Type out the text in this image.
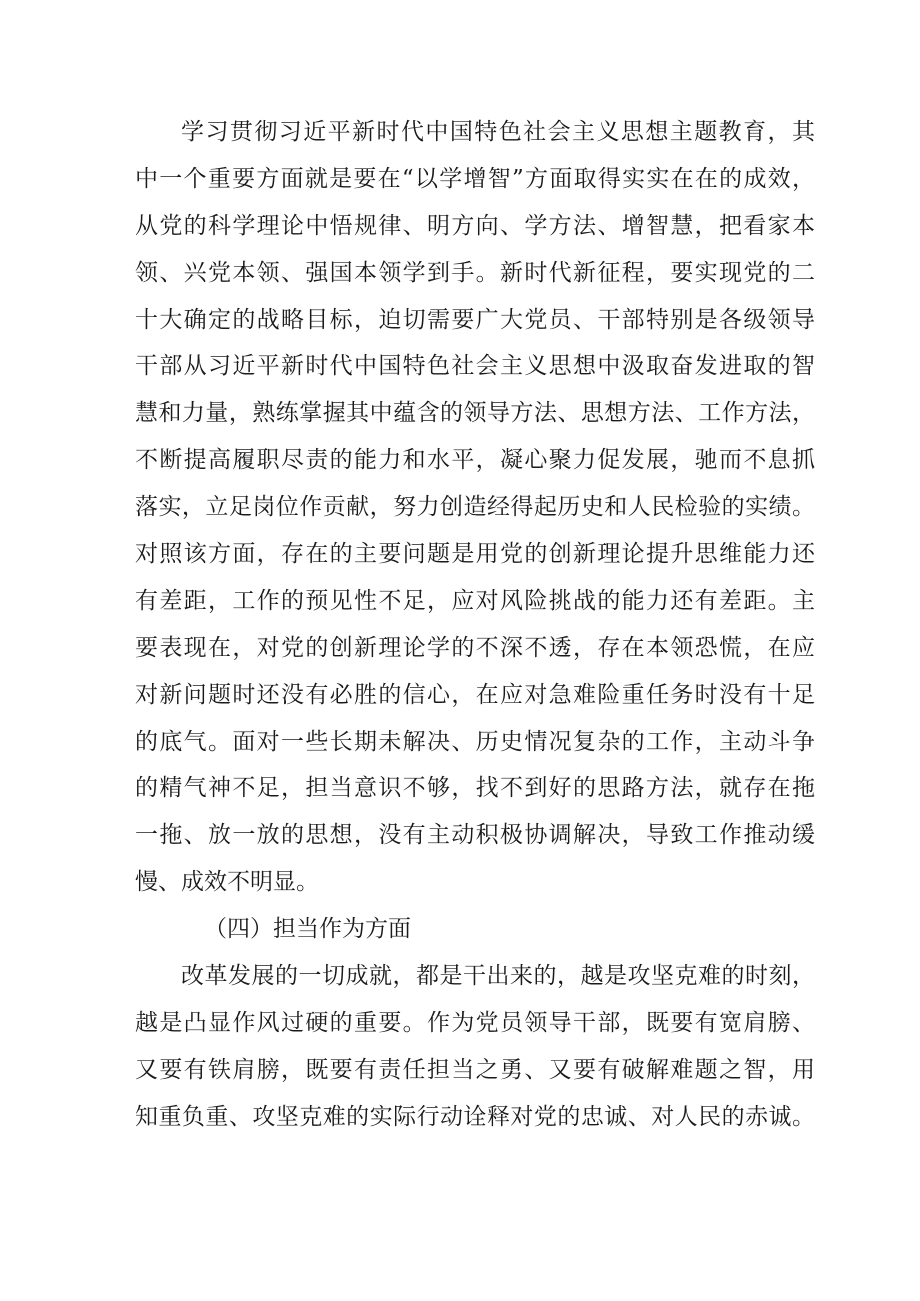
学习贯彻习近平新时代中国特色社会主义思想主题教育，其
中一个重要方面就是要在“以学增智”方面取得实实在在的成效，
从党的科学理论中悟规律、明方向、学方法、增智慧，把看家本
领、兴党本领、强国本领学到手。新时代新征程，要实现党的二
十大确定的战略目标，迫切需要广大党员、干部特别是各级领导
干部从习近平新时代中国特色社会主义思想中汲取奋发进取的智
慧和力量，熟练掌握其中蕴含的领导方法、思想方法、工作方法，
不断提高履职尽责的能力和水平，凝心聚力促发展，驰而不息抓
落实，立足岗位作贡献，努力创造经得起历史和人民检验的实绩。
对照该方面，存在的主要问题是用党的创新理论提升思维能力还
有差距，工作的预见性不足，应对风险挑战的能力还有差距。主
要表现在，对党的创新理论学的不深不透，存在本领恐慌，在应
对新问题时还没有必胜的信心，在应对急难险重任务时没有十足
的底气。面对一些长期未解决、历史情况复杂的工作，主动斗争
的精气神不足，担当意识不够，找不到好的思路方法，就存在拖
一拖、放一放的思想，没有主动积极协调解决，导致工作推动缓
慢、成效不明显。
（四）担当作为方面
改革发展的一切成就，都是干出来的，越是攻坚克难的时刻，
越是凸显作风过硬的重要。作为党员领导干部，既要有宽肩膀、
又要有铁肩膀，既要有责任担当之勇、又要有破解难题之智，用
知重负重、攻坚克难的实际行动诠释对党的忠诚、对人民的赤诚。
